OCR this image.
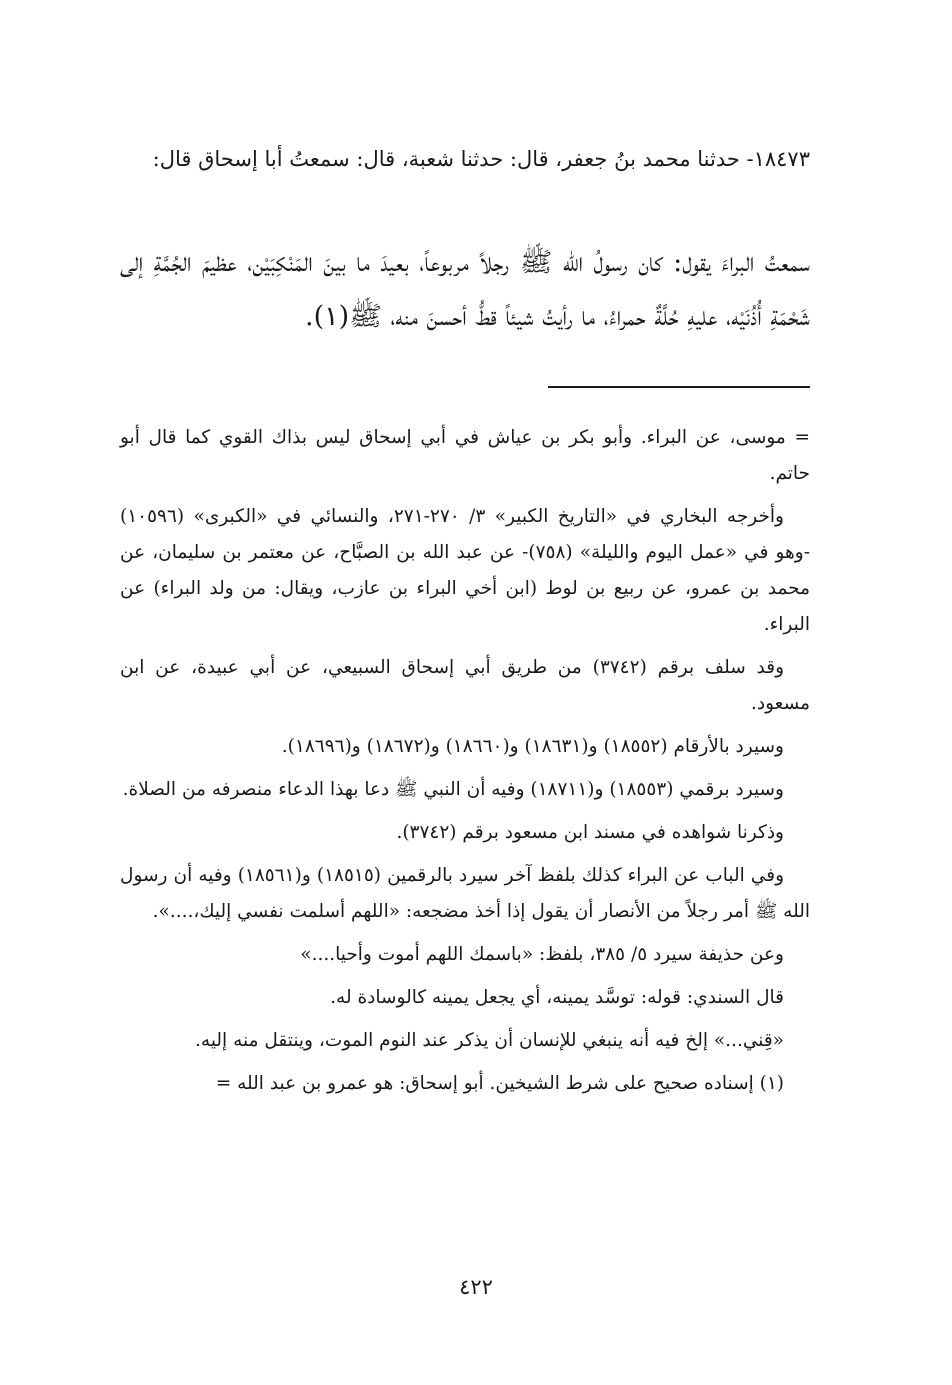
١٨٤٧٣- حدثنا محمد بنُ جعفر، قال: حدثنا شعبة، قال: سمعتُ أبا إسحاق قال:
سمعتُ البراءَ يقول: كان رسولُ الله ﷺ رجلاً مربوعاً، بعيدَ ما بينَ المَنْكِبَيْن، عظيمَ الجُمَّةِ إلى شَحْمَةِ أُذُنَيْه، عليهِ حُلَّةٌ حمراءُ، ما رأيتُ شيئاً قطُّ أحسنَ منه، ﷺ(١).

= موسى، عن البراء. وأبو بكر بن عياش في أبي إسحاق ليس بذاك القوي كما قال أبو حاتم.

وأخرجه البخاري في «التاريخ الكبير» ٣/ ٢٧٠-٢٧١، والنسائي في «الكبرى» (١٠٥٩٦) -وهو في «عمل اليوم والليلة» (٧٥٨)- عن عبد الله بن الصبَّاح، عن معتمر بن سليمان، عن محمد بن عمرو، عن ربيع بن لوط (ابن أخي البراء بن عازب، ويقال: من ولد البراء) عن البراء.

وقد سلف برقم (٣٧٤٢) من طريق أبي إسحاق السبيعي، عن أبي عبيدة، عن ابن مسعود.

وسيرد بالأرقام (١٨٥٥٢) و(١٨٦٣١) و(١٨٦٦٠) و(١٨٦٧٢) و(١٨٦٩٦).

وسيرد برقمي (١٨٥٥٣) و(١٨٧١١) وفيه أن النبي ﷺ دعا بهذا الدعاء منصرفه من الصلاة.

وذكرنا شواهده في مسند ابن مسعود برقم (٣٧٤٢).

وفي الباب عن البراء كذلك بلفظ آخر سيرد بالرقمين (١٨٥١٥) و(١٨٥٦١) وفيه أن رسول الله ﷺ أمر رجلاً من الأنصار أن يقول إذا أخذ مضجعه: «اللهم أسلمت نفسي إليك،....».

وعن حذيفة سيرد ٥/ ٣٨٥، بلفظ: «باسمك اللهم أموت وأحيا....»

قال السندي: قوله: توسَّد يمينه، أي يجعل يمينه كالوسادة له.

«قِني...» إلخ فيه أنه ينبغي للإنسان أن يذكر عند النوم الموت، وينتقل منه إليه.

(١) إسناده صحيح على شرط الشيخين. أبو إسحاق: هو عمرو بن عبد الله =

٤٢٢
